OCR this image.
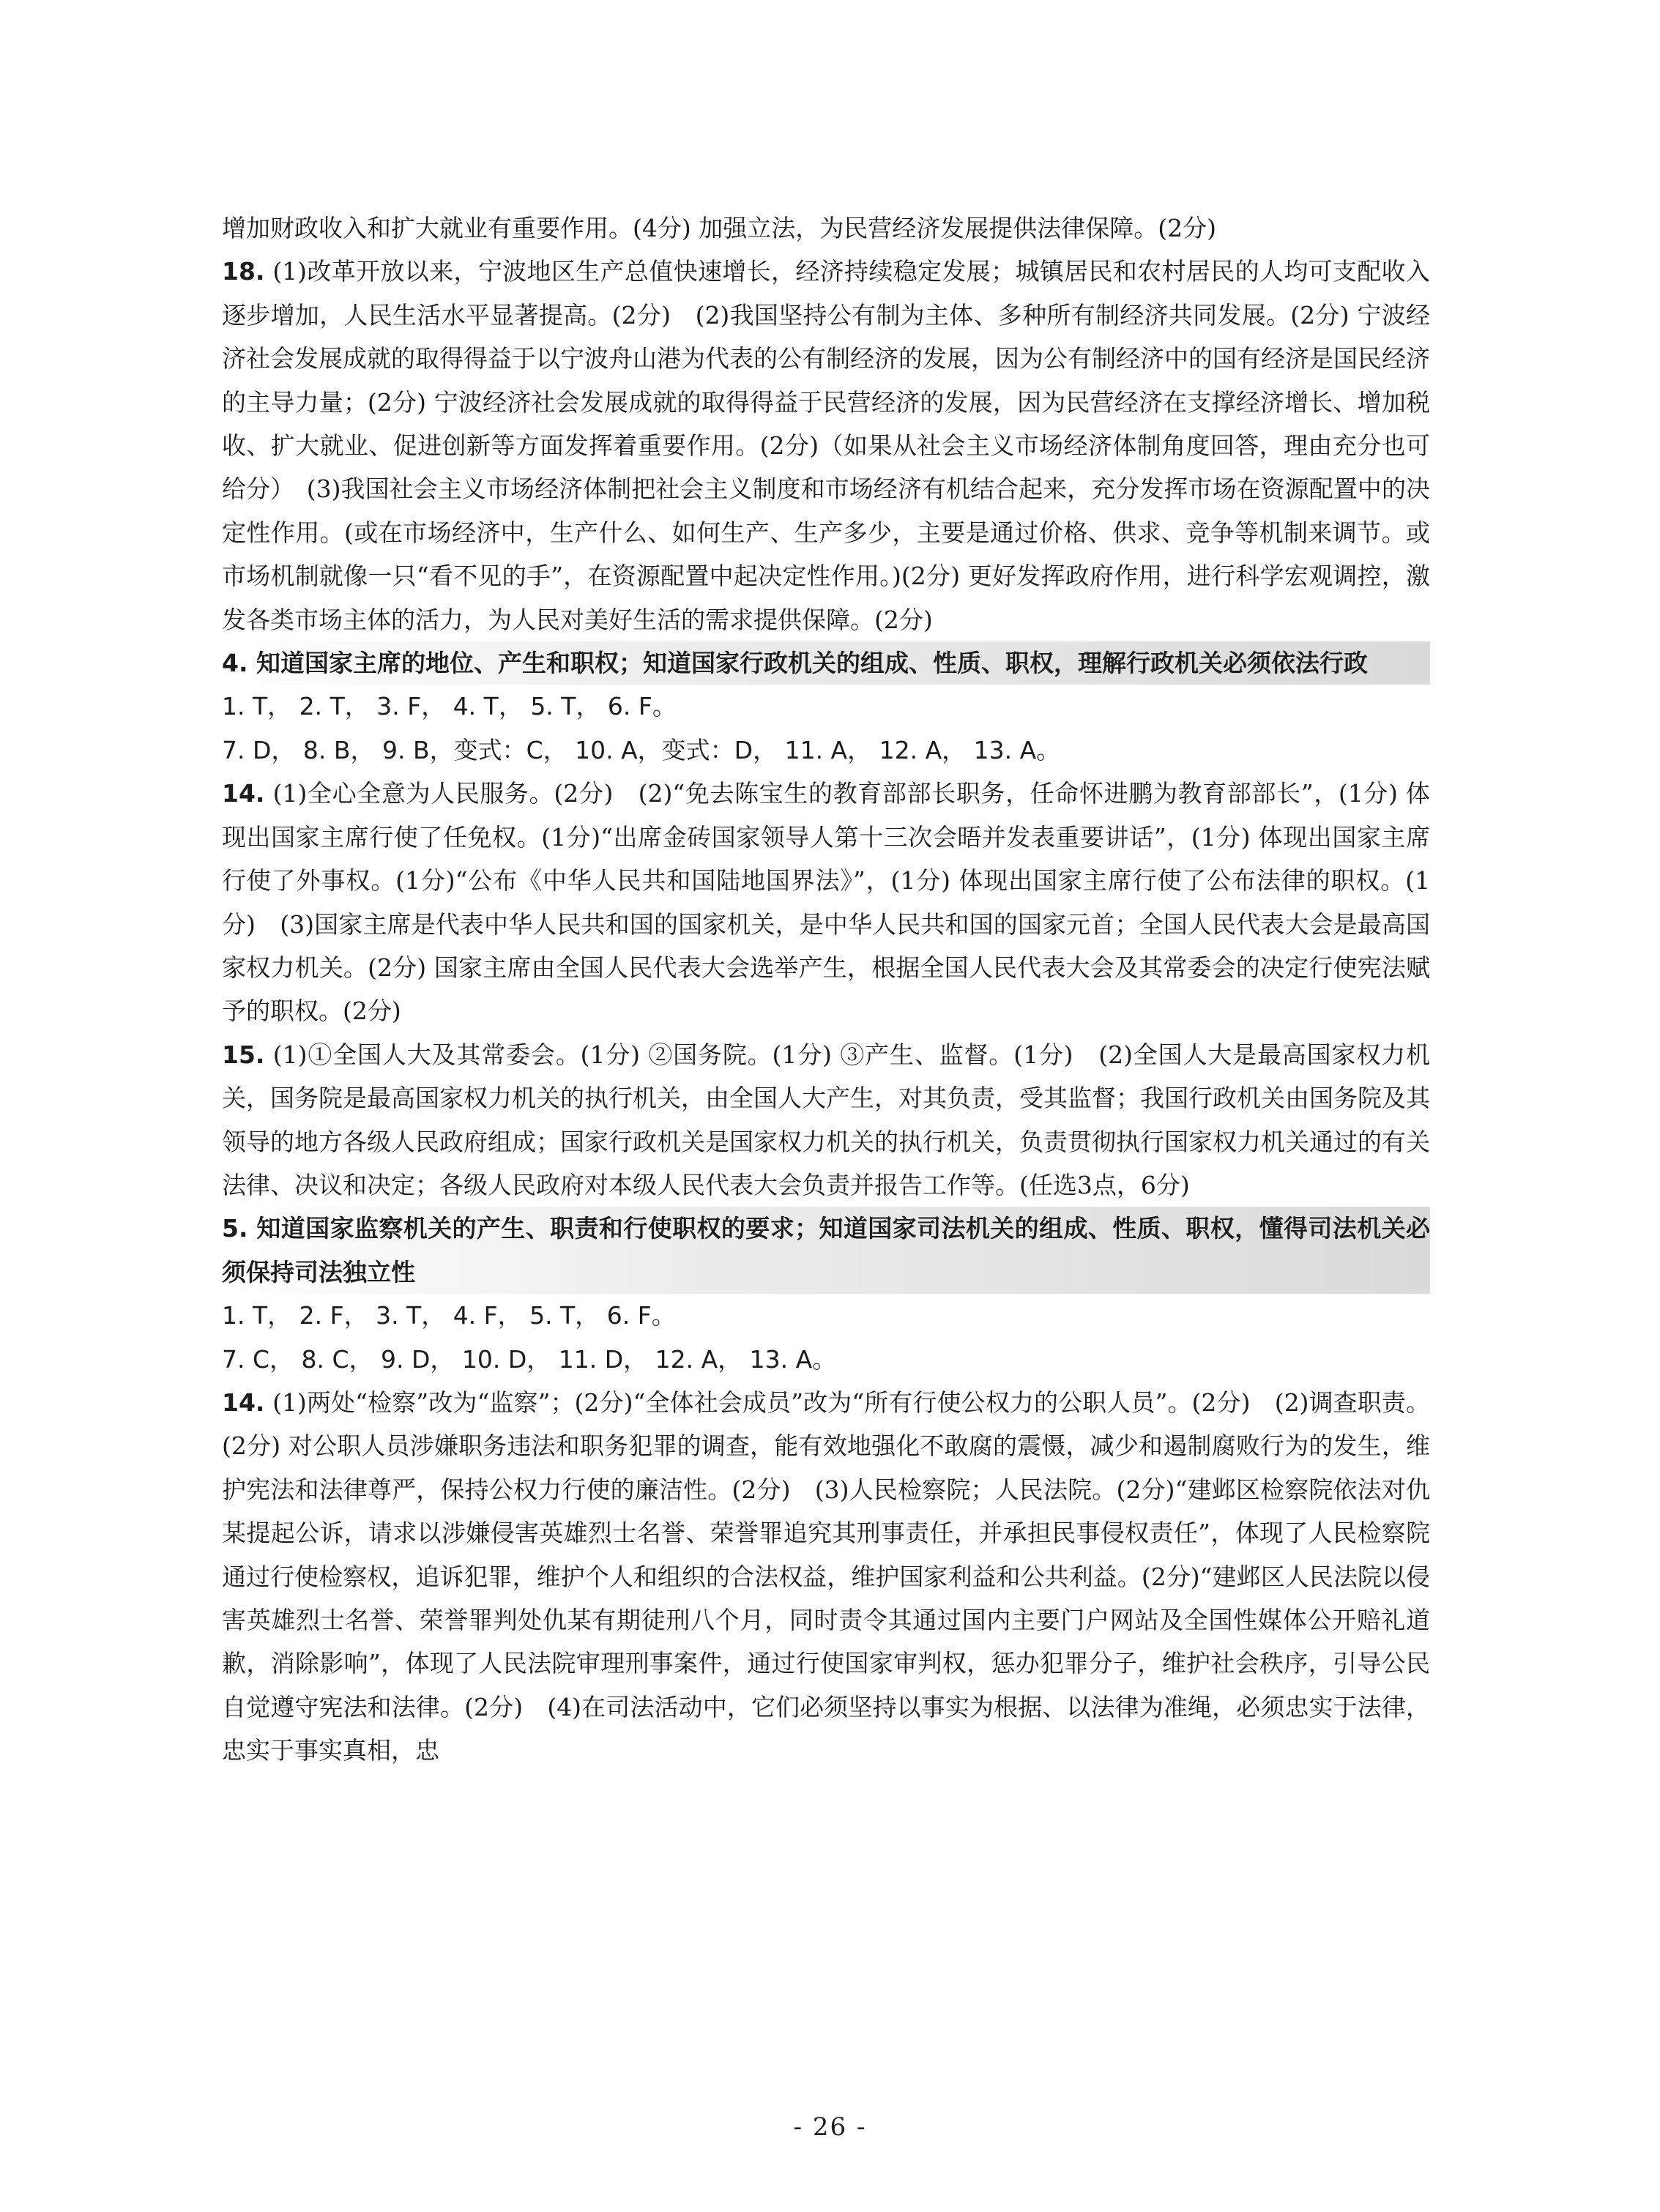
增加财政收入和扩大就业有重要作用。(4分) 加强立法，为民营经济发展提供法律保障。(2分)

18. (1)改革开放以来，宁波地区生产总值快速增长，经济持续稳定发展；城镇居民和农村居民的人均可支配收入逐步增加，人民生活水平显著提高。(2分)　(2)我国坚持公有制为主体、多种所有制经济共同发展。(2分) 宁波经济社会发展成就的取得得益于以宁波舟山港为代表的公有制经济的发展，因为公有制经济中的国有经济是国民经济的主导力量；(2分) 宁波经济社会发展成就的取得得益于民营经济的发展，因为民营经济在支撑经济增长、增加税收、扩大就业、促进创新等方面发挥着重要作用。(2分)（如果从社会主义市场经济体制角度回答，理由充分也可给分）　(3)我国社会主义市场经济体制把社会主义制度和市场经济有机结合起来，充分发挥市场在资源配置中的决定性作用。(或在市场经济中，生产什么、如何生产、生产多少，主要是通过价格、供求、竞争等机制来调节。或市场机制就像一只“看不见的手”，在资源配置中起决定性作用。)(2分) 更好发挥政府作用，进行科学宏观调控，激发各类市场主体的活力，为人民对美好生活的需求提供保障。(2分)

4. 知道国家主席的地位、产生和职权；知道国家行政机关的组成、性质、职权，理解行政机关必须依法行政

1. T， 2. T， 3. F， 4. T， 5. T， 6. F。

7. D， 8. B， 9. B，变式：C， 10. A，变式：D， 11. A， 12. A， 13. A。

14. (1)全心全意为人民服务。(2分)　(2)“免去陈宝生的教育部部长职务，任命怀进鹏为教育部部长”，(1分) 体现出国家主席行使了任免权。(1分)“出席金砖国家领导人第十三次会晤并发表重要讲话”，(1分) 体现出国家主席行使了外事权。(1分)“公布《中华人民共和国陆地国界法》”，(1分) 体现出国家主席行使了公布法律的职权。(1分)　(3)国家主席是代表中华人民共和国的国家机关，是中华人民共和国的国家元首；全国人民代表大会是最高国家权力机关。(2分) 国家主席由全国人民代表大会选举产生，根据全国人民代表大会及其常委会的决定行使宪法赋予的职权。(2分)

15. (1)①全国人大及其常委会。(1分) ②国务院。(1分) ③产生、监督。(1分)　(2)全国人大是最高国家权力机关，国务院是最高国家权力机关的执行机关，由全国人大产生，对其负责，受其监督；我国行政机关由国务院及其领导的地方各级人民政府组成；国家行政机关是国家权力机关的执行机关，负责贯彻执行国家权力机关通过的有关法律、决议和决定；各级人民政府对本级人民代表大会负责并报告工作等。(任选3点，6分)

5. 知道国家监察机关的产生、职责和行使职权的要求；知道国家司法机关的组成、性质、职权，懂得司法机关必须保持司法独立性

1. T， 2. F， 3. T， 4. F， 5. T， 6. F。

7. C， 8. C， 9. D， 10. D， 11. D， 12. A， 13. A。

14. (1)两处“检察”改为“监察”；(2分)“全体社会成员”改为“所有行使公权力的公职人员”。(2分)　(2)调查职责。(2分) 对公职人员涉嫌职务违法和职务犯罪的调查，能有效地强化不敢腐的震慑，减少和遏制腐败行为的发生，维护宪法和法律尊严，保持公权力行使的廉洁性。(2分)　(3)人民检察院；人民法院。(2分)“建邺区检察院依法对仇某提起公诉，请求以涉嫌侵害英雄烈士名誉、荣誉罪追究其刑事责任，并承担民事侵权责任”，体现了人民检察院通过行使检察权，追诉犯罪，维护个人和组织的合法权益，维护国家利益和公共利益。(2分)“建邺区人民法院以侵害英雄烈士名誉、荣誉罪判处仇某有期徒刑八个月，同时责令其通过国内主要门户网站及全国性媒体公开赔礼道歉，消除影响”，体现了人民法院审理刑事案件，通过行使国家审判权，惩办犯罪分子，维护社会秩序，引导公民自觉遵守宪法和法律。(2分)　(4)在司法活动中，它们必须坚持以事实为根据、以法律为准绳，必须忠实于法律，忠实于事实真相，忠

- 26 -
